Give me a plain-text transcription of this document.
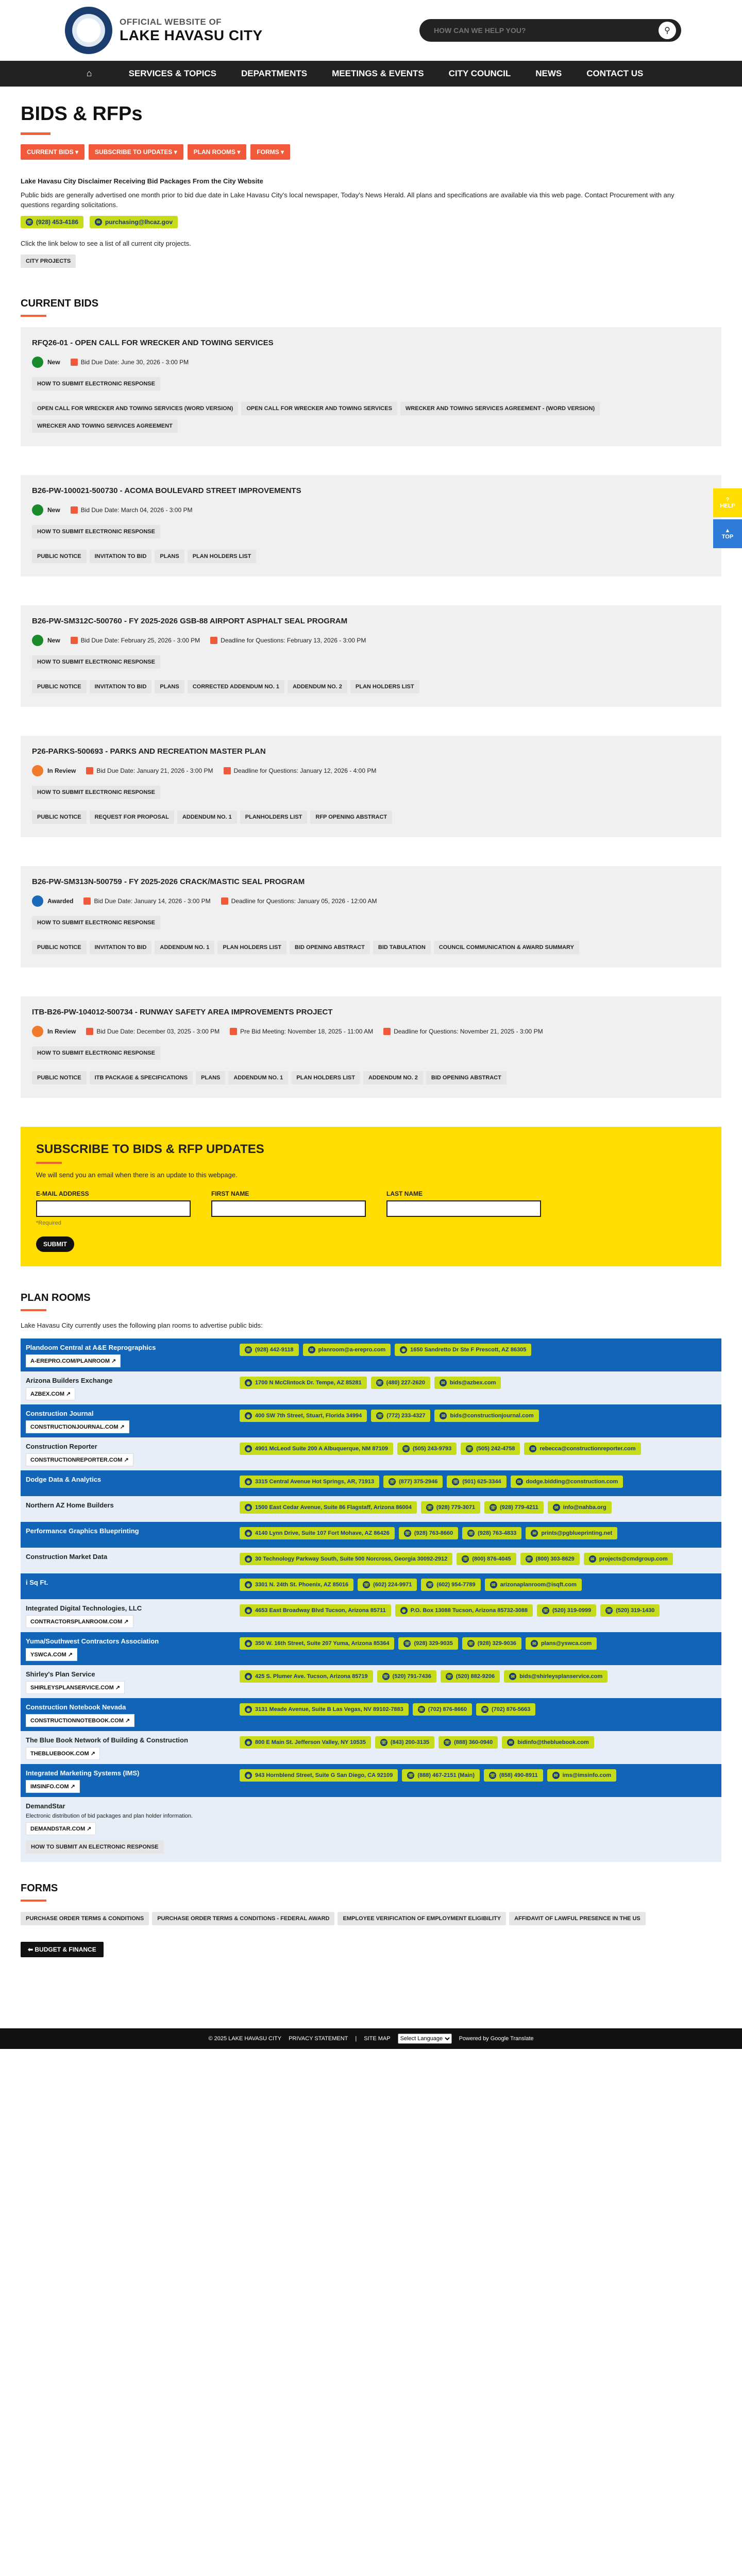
OFFICIAL WEBSITE OF
LAKE HAVASU CITY
HOW CAN WE HELP YOU?	⚲
⌂	SERVICES & TOPICS	DEPARTMENTS	MEETINGS & EVENTS	CITY COUNCIL	NEWS	CONTACT US
?
HELP
▲
TOP
BIDS & RFPs
CURRENT BIDS ▾	SUBSCRIBE TO UPDATES ▾	PLAN ROOMS ▾	FORMS ▾
Lake Havasu City Disclaimer Receiving Bid Packages From the City Website
Public bids are generally advertised one month prior to bid due date in Lake Havasu City's local newspaper, Today's News Herald. All plans and specifications are available via this web page. Contact Procurement with any questions regarding solicitations.
☏ (928) 453-4186
	✉ purchasing@lhcaz.gov
Click the link below to see a list of all current city projects.
CITY PROJECTS
CURRENT BIDS
RFQ26-01 - OPEN CALL FOR WRECKER AND TOWING SERVICES
New	Bid Due Date: June 30, 2026 - 3:00 PM
HOW TO SUBMIT ELECTRONIC RESPONSE
OPEN CALL FOR WRECKER AND TOWING SERVICES (WORD VERSION) OPEN CALL FOR WRECKER AND TOWING SERVICES WRECKER AND TOWING SERVICES AGREEMENT - (WORD VERSION)WRECKER AND TOWING SERVICES AGREEMENT
B26-PW-100021-500730 - ACOMA BOULEVARD STREET IMPROVEMENTS
New	Bid Due Date: March 04, 2026 - 3:00 PM
HOW TO SUBMIT ELECTRONIC RESPONSE
PUBLIC NOTICE INVITATION TO BID PLANS PLAN HOLDERS LIST
B26-PW-SM312C-500760 - FY 2025-2026 GSB-88 AIRPORT ASPHALT SEAL PROGRAM
New	Bid Due Date: February 25, 2026 - 3:00 PM	Deadline for Questions: February 13, 2026 - 3:00 PM
HOW TO SUBMIT ELECTRONIC RESPONSE
PUBLIC NOTICE INVITATION TO BID PLANS CORRECTED ADDENDUM NO. 1 ADDENDUM NO. 2 PLAN HOLDERS LIST
P26-PARKS-500693 - PARKS AND RECREATION MASTER PLAN
In Review	Bid Due Date: January 21, 2026 - 3:00 PM	Deadline for Questions: January 12, 2026 - 4:00 PM
HOW TO SUBMIT ELECTRONIC RESPONSE
PUBLIC NOTICE REQUEST FOR PROPOSAL ADDENDUM NO. 1 PLANHOLDERS LIST RFP OPENING ABSTRACT
B26-PW-SM313N-500759 - FY 2025-2026 CRACK/MASTIC SEAL PROGRAM
Awarded	Bid Due Date: January 14, 2026 - 3:00 PM	Deadline for Questions: January 05, 2026 - 12:00 AM
HOW TO SUBMIT ELECTRONIC RESPONSE
PUBLIC NOTICE INVITATION TO BID ADDENDUM NO. 1 PLAN HOLDERS LIST BID OPENING ABSTRACT BID TABULATION COUNCIL COMMUNICATION & AWARD SUMMARY
ITB-B26-PW-104012-500734 - RUNWAY SAFETY AREA IMPROVEMENTS PROJECT
In Review	Bid Due Date: December 03, 2025 - 3:00 PM	Pre Bid Meeting: November 18, 2025 - 11:00 AM	Deadline for Questions: November 21, 2025 - 3:00 PM
HOW TO SUBMIT ELECTRONIC RESPONSE
PUBLIC NOTICE ITB PACKAGE & SPECIFICATIONS PLANS ADDENDUM NO. 1 PLAN HOLDERS LIST ADDENDUM NO. 2 BID OPENING ABSTRACT
SUBSCRIBE TO BIDS & RFP UPDATES

We will send you an email when there is an update to this webpage.

E-MAIL ADDRESS	FIRST NAME	LAST NAME
*Required
SUBMIT
PLAN ROOMS
Lake Havasu City currently uses the following plan rooms to advertise public bids:
Plandoom Central at A&E Reprographics
A-EREPRO.COM/PLANROOM ↗
☏ (928) 442-9118	✉ planroom@a-erepro.com	◉ 1650 Sandretto Dr Ste F Prescott, AZ 86305
Arizona Builders Exchange
AZBEX.COM ↗
◉ 1700 N McClintock Dr. Tempe, AZ 85281	☏ (480) 227-2620	✉ bids@azbex.com
Construction Journal
CONSTRUCTIONJOURNAL.COM ↗
◉ 400 SW 7th Street, Stuart, Florida 34994	☏ (772) 233-4327	✉ bids@constructionjournal.com
Construction Reporter
CONSTRUCTIONREPORTER.COM ↗
◉ 4901 McLeod Suite 200 A Albuquerque, NM 87109	☏ (505) 243-9793	☏ (505) 242-4758	✉ rebecca@constructionreporter.com
Dodge Data & Analytics	◉ 3315 Central Avenue Hot Springs, AR, 71913	☏ (877) 375-2946	☏ (501) 625-3344	✉ dodge.bidding@construction.com
Northern AZ Home Builders	◉ 1500 East Cedar Avenue, Suite 86 Flagstaff, Arizona 86004	☏ (928) 779-3071	☏ (928) 779-4211	✉ info@nahba.org
Performance Graphics Blueprinting	◉ 4140 Lynn Drive, Suite 107 Fort Mohave, AZ 86426	☏ (928) 763-8660	☏ (928) 763-4833	✉ prints@pgblueprinting.net
Construction Market Data	◉ 30 Technology Parkway South, Suite 500 Norcross, Georgia 30092-2912	☏ (800) 876-4045	☏ (800) 303-8629	✉ projects@cmdgroup.com
i Sq Ft.	◉ 3301 N. 24th St. Phoenix, AZ 85016	☏ (602) 224-9971	☏ (602) 954-7789	✉ arizonaplanroom@isqft.com
Integrated Digital Technologies, LLC
CONTRACTORSPLANROOM.COM ↗
◉ 4653 East Broadway Blvd Tucson, Arizona 85711	◉ P.O. Box 13088 Tucson, Arizona 85732-3088	☏ (520) 319-0999	☏ (520) 319-1430
Yuma/Southwest Contractors Association
YSWCA.COM ↗
◉ 350 W. 16th Street, Suite 207 Yuma, Arizona 85364	☏ (928) 329-9035	☏ (928) 329-9036	✉ plans@yswca.com
Shirley's Plan Service
SHIRLEYSPLANSERVICE.COM ↗
◉ 425 S. Plumer Ave. Tucson, Arizona 85719	☏ (520) 791-7436	☏ (520) 882-9206	✉ bids@shirleysplanservice.com
Construction Notebook Nevada
CONSTRUCTIONNOTEBOOK.COM ↗
◉ 3131 Meade Avenue, Suite B Las Vegas, NV 89102-7883	☏ (702) 876-8660	☏ (702) 876-5663
The Blue Book Network of Building & Construction
THEBLUEBOOK.COM ↗
◉ 800 E Main St. Jefferson Valley, NY 10535	☏ (843) 200-3135	☏ (888) 360-0940	✉ bidinfo@thebluebook.com
Integrated Marketing Systems (IMS)
IMSINFO.COM ↗
◉ 943 Hornblend Street, Suite G San Diego, CA 92109	☏ (888) 467-2151 (Main)	☏ (858) 490-8911	✉ ims@imsinfo.com
DemandStar
Electronic distribution of bid packages and plan holder information.
DEMANDSTAR.COM ↗
HOW TO SUBMIT AN ELECTRONIC RESPONSE
FORMS
PURCHASE ORDER TERMS & CONDITIONS PURCHASE ORDER TERMS & CONDITIONS - FEDERAL AWARD EMPLOYEE VERIFICATION OF EMPLOYMENT ELIGIBILITY AFFIDAVIT OF LAWFUL PRESENCE IN THE US
⬅ BUDGET & FINANCE
© 2025 LAKE HAVASU CITY PRIVACY STATEMENT | SITE MAP
Select Language	Powered by Google Translate
